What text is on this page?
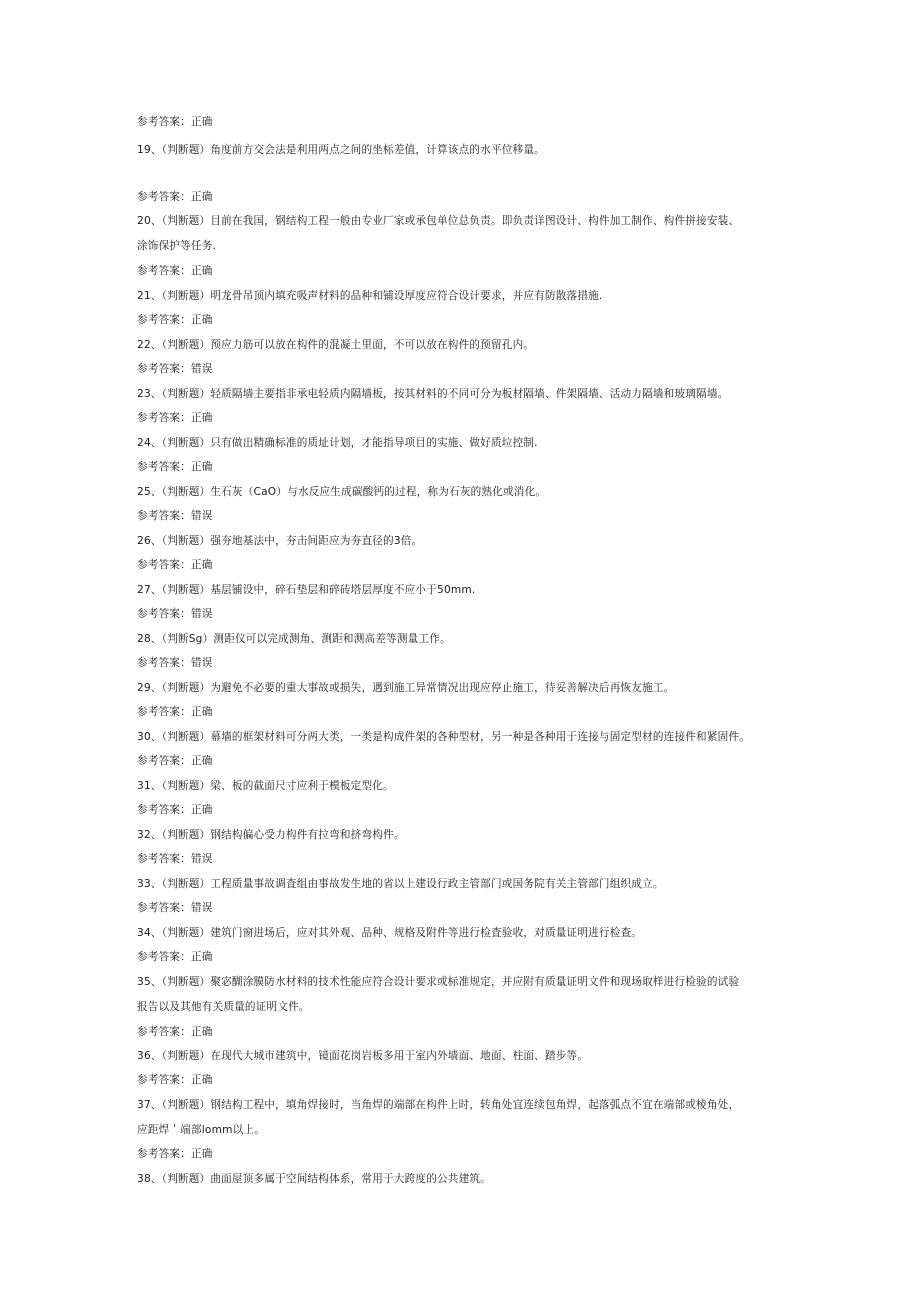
参考答案：正确
19、（判断题）角度前方交会法是利用两点之间的坐标差值，计算该点的水平位移量。
参考答案：正确
20、（判断题）目前在我国，钢结构工程一般由专业厂家或承包单位总负责。即负责详图设计、构件加工制作、构件拼接安装、
涂饰保护等任务.
参考答案：正确
21、（判断题）明龙骨吊顶内填充吸声材料的品种和铺设厚度应符合设计要求，并应有防散落措施.
参考答案：正确
22、（判断题）预应力筋可以放在构件的混凝土里面，不可以放在构件的预留孔内。
参考答案：错误
23、（判断题）轻质隔墙主要指非承电轻质内隔墙板，按其材料的不同可分为板材隔墙、件架隔墙、活动力隔墙和玻璃隔墙。
参考答案：正确
24、（判断题）只有做出精确标准的质址计划，才能指导项目的实施、做好质垃控制.
参考答案：正确
25、（判断题）生石灰（CaO）与水反应生成碳酸钙的过程，称为石灰的熟化或消化。
参考答案：错误
26、（判断题）强夯地基法中，夯击间距应为夯直径的3倍。
参考答案：正确
27、（判断题）基层铺设中，碎石垫层和碎砖塔层厚度不应小于50mm.
参考答案：错误
28、（判断Sg）测距仪可以完成测角、测距和测高差等测量工作。
参考答案：错误
29、（判断题）为避免不必要的重大事故或损失，遇到施工异常情况出现应停止施工，待妥善解决后再恢友施工。
参考答案：正确
30、（判断题）幕墙的框架材料可分两大类，一类是构成件架的各种型材，另一种是各种用于连接与固定型材的连接件和紧固件。
参考答案：正确
31、（判断题）梁、板的截面尺寸应利于模板定型化。
参考答案：正确
32、（判断题）钢结构偏心受力构件有拉弯和挤弯构件。
参考答案：错误
33、（判断题）工程质量事故调査组由事故发生地的省以上建设行政主管部门或国务院有关主管部门组织成立。
参考答案：错误
34、（判断题）建筑门窗进场后，应对其外观、品种、规格及附件等进行检査验收，对质量证明进行检查。
参考答案：正确
35、（判断题）聚宓醐涂膜防水材料的技术性能应符合设计要求或标准规定，并应附有质量证明文件和现场取样进行检验的试验
报告以及其他有关质量的证明文件。
参考答案：正确
36、（判断题）在现代大城市建筑中，镜面花岗岩板多用于室内外墙面、地面、柱面、踏步等。
参考答案：正确
37、（判断题）钢结构工程中，填角焊接时，当角焊的端部在构件上时，转角处宜连续包角焊，起落弧点不宜在端部或棱角处，
应距焊＇端部lomm以上。
参考答案：正确
38、（判断题）曲面屋顶多属于空间结构体系，常用于大跨度的公共建筑。
